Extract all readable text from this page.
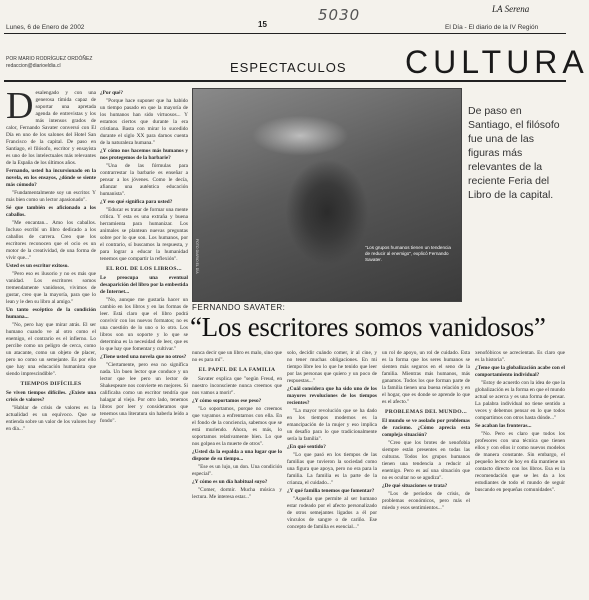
Lunes, 6 de Enero de 2002	15
5030	LA Serena
El Día - El diario de la IV Región
POR MARIO RODRÍGUEZ ORDÓÑEZ
redaccion@diarioeldia.cl	ESPECTACULOS CULTURA
"Los grupos humanos tienen un tendencia de reducir al enemigo", explicó Fernando Savater.
FOTO DIARIO EL DÍA
De paso en Santiago, el filósofo fue una de las figuras más relevantes de la reciente Feria del Libro de la capital.
FERNANDO SAVATER:
“Los escritores somos vanidosos”
D esalengado y con una generosa tímida capaz de soportar una apretada agenda de entrevistas y los más intensos grados de calor, Fernando Savater conversó con El Día en uno de los salones del Hotel San Francisco de la capital. De paso en Santiago, el filósofo, escritor y ensayista es uno de los intelectuales más relevantes de la España de los últimos años.

Fernando, usted ha incursionado en la novela, en los ensayos, ¿dónde se siente más cómodo?

"Fundamentalmente soy un escritor. Y más bien como un lector apasionado".

Sé que también es aficionado a los caballos.

"Me encantan... Amo los caballos. Incluso escribí un libro dedicado a los caballos de carrera. Creo que los escritores reconocen que el ocio es un motor de la creatividad, de una forma de vivir que..."

Usted es un escritor exitoso.

"Pero eso es ilusorio y no es más que vanidad. Los escritores somos tremendamente vanidosos, vivimos de gustar, creo que la mayoría, para que lo lean y le den su libro al amigo."

Un tanto escéptico de la condición humana...

"No, pero hay que mirar atrás. El ser humano cuando ve al otro como el enemigo, el contrario es el infierno. Lo percibe como un peligro de cerca, como un atacante, como un objeto de placer, pero no como un semejante. Es por ello que hay una educación humanista que siendo imprescindible".

TIEMPOS DIFÍCILES

Se viven tiempos difíciles. ¿Existe una crisis de valores?

"Hablar de crisis de valores es la actualidad es un equívoco. Que se entienda sobre un valor de los valores hoy en día..."

¿Por qué?

"Porque hace suponer que ha habido un tiempo pasado en que la mayoría de los humanos han sido virtuosos... Y estamos ciertos que durante la era cristiana. Basta con mirar lo sucedido durante el siglo XX para darnos cuenta de la naturaleza humana."

¿Y cómo nos hacemos más humanos y nos protegemos de la barbarie?

"Una de las fórmulas para contrarrestar la barbarie es enseñar a pensar a los jóvenes. Como le decía, afianzar una auténtica educación humanista".

¿Y eso qué significa para usted?

"Educar es tratar de formar una mente crítica. Y esta es una extraña y buena herramienta para humanizar. Los animales se plantean nuevas preguntas sobre por lo que son. Los humanos, por el contrario, sí buscamos la respuesta, y para lograr a educar la humanidad tenemos que compartir la reflexión".

EL ROL DE LOS LIBROS...

Le preocupa una eventual desaparición del libro por la embestida de Internet...

"No, aunque me gustaría hacer un cambio en los libros y en las formas de leer. Está claro que el libro podrá convivir con los nuevos formatos; no es una cuestión de lo uno o lo otro. Los libros son un soporte y lo que se determina es la necesidad de leer, que es lo que hay que fomentar y cultivar."

¿Tiene usted una novela que no otros?

"Ciertamente, pero eso no significa nada. Un buen lector que conduce y un lector que lee pero un lector de Shakespeare nos convierte en mejores. Si calificaba como un escritor tendría que halagar al viejo. Por otro lado, tenemos libros por leer y consideramos que tenemos una literatura sin haberla leído a fondo".

nunca decir que un libro es malo, sino que no es para mí".

EL PAPEL DE LA FAMILIA

Savater explica que "según Freud, en nuestro inconsciente nunca creemos que nos vamos a morir".

¿Y cómo soportamos ese peso?

"Lo soportamos, porque no creemos que vayamos a enfrentarnos con ella. En el fondo de la conciencia, sabemos que se está muriendo. Ahora, es más, lo soportamos relativamente bien. Lo que nos golpea es la muerte de otros".

¿Usted da la espalda a una lugar que lo dispone de su tiempo...

"Ese es un lujo, un don. Una condición especial".

¿Y cómo es un día habitual suyo?

"Comer, dormir. Mucha música y lectura. Me interesa estar..."

solo, decidir cuándo comer, ir al cine, y no tener muchas obligaciones. En mi tiempo libre leo lo que he tenido que leer por las personas que quiero y un poco de respuestas..."

¿Cuál considera que ha sido uno de los mayores revoluciones de los tiempos recientes?

"La mayor revolución que se ha dado en los tiempos modernos es la emancipación de la mujer y eso implica un desafío para lo que tradicionalmente sería la familia".

¿En qué sentido?

"Lo que pasó en los tiempos de las familias que tuvieron la sociedad como una figura que apoya, pero no era para la familia. La familia es la parte de la crianza, el cuidado..."

¿Y qué familia tenemos que fomentar?

"Aquella que permite al ser humano estar rodeado por el afecto personalizado de otros semejantes ligados a él por vínculos de sangre o de cariño. Ese concepto de familia es esencial..."

un rol de apoyo, un rol de cuidado. Esta es la forma que los seres humanos se sienten más seguros en el seno de la familia. Mientras más humanos, más ganamos. Todos los que forman parte de la familia tienen una buena relación y en el hogar, que es donde se aprende lo que es el afecto."

PROBLEMAS DEL MUNDO...

El mundo se ve asolado por problemas de racismo. ¿Cómo aprecia esta compleja situación?

"Creo que los brotes de xenofobia siempre están presentes en todas las culturas. Todos los grupos humanos tienen una tendencia a reducir al enemigo. Pero es así una situación que no es ocultar no se agudiza".

¿De qué situaciones se trata?

"Los de períodos de crisis, de problemas económicos, pero más el miedo y esos sentimientos..."

xenofóbicos se acrecientan. Es claro que es la historia".

¿Teme que la globalización acabe con el comportamiento individual?

"Estoy de acuerdo con la idea de que la globalización es la forma en que el mundo actual se acerca y es una forma de pensar. La palabra individual no tiene sentido a veces y debemos pensar en lo que todos compartimos con otros hasta dónde..."

Se acaban las fronteras...

"No. Pero es claro que todos los profesores con una técnica que tienen ellos y con ellos ir como nuevos modelos de manera constante. Sin embargo, el pequeño lector de hoy en día mantiene un contacto directo con los libros. Esa es la recomendación que se les da a los estudiantes de todo el mundo de seguir buscando en pequeñas comunidades".
